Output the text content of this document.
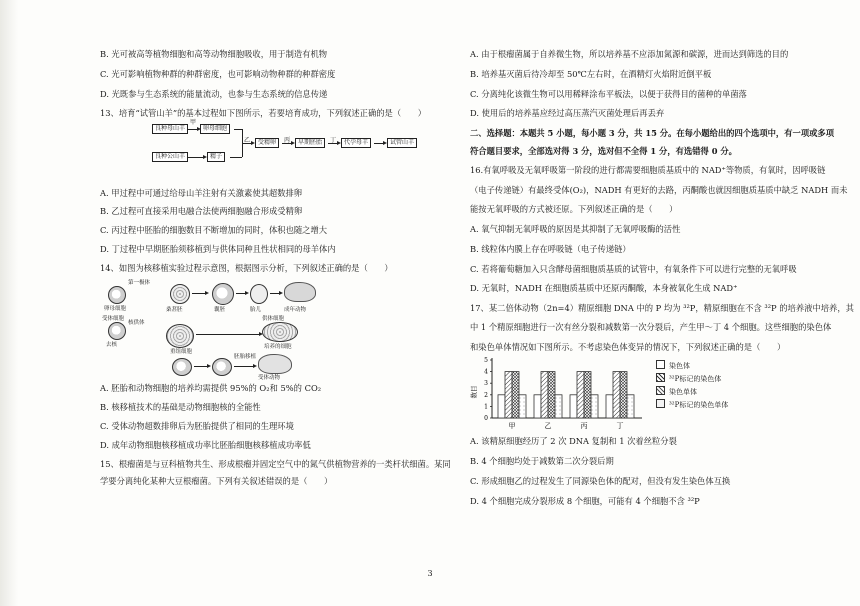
B. 光可被高等植物细胞和高等动物细胞吸收，用于制造有机物
C. 光可影响植物种群的种群密度，也可影响动物种群的种群密度
D. 光既参与生态系统的能量流动，也参与生态系统的信息传递
13、培育“试管山羊”的基本过程如下图所示，若要培育成功，下列叙述正确的是（　　）
良种母山羊	卵母细胞
甲
良种公山羊	精子
乙	受精卵	丙	早期胚胎	丁	代孕母羊	试管山羊
A. 甲过程中可通过给母山羊注射有关激素使其超数排卵
B. 乙过程可直接采用电融合法使两细胞融合形成受精卵
C. 丙过程中胚胎的细胞数目不断增加的同时，体积也随之增大
D. 丁过程中早期胚胎须移植到与供体同种且性状相同的母羊体内
14、如图为核移植实验过程示意图，根据图示分析，下列叙述正确的是（　　）
第一极体
卵母细胞
受体细胞
核供体
去核
桑葚胚	囊胚	胎儿	成年动物
重组细胞
培养的细胞
供体细胞
胚胎移植
受体动物
A. 胚胎和动物细胞的培养均需提供 95%的 O₂和 5%的 CO₂
B. 核移植技术的基础是动物细胞核的全能性
C. 受体动物超数排卵后为胚胎提供了相同的生理环境
D. 成年动物细胞核移植成功率比胚胎细胞核移植成功率低
15、根瘤菌是与豆科植物共生、形成根瘤并固定空气中的氮气供植物营养的一类杆状细菌。某同
学要分离纯化某种大豆根瘤菌。下列有关叙述错误的是（　　）
A. 由于根瘤菌属于自养微生物，所以培养基不应添加氮源和碳源，进而达到筛选的目的
B. 培养基灭菌后待冷却至 50℃左右时，在酒精灯火焰附近倒平板
C. 分离纯化该微生物可以用稀释涂布平板法，以便于获得目的菌种的单菌落
D. 使用后的培养基应经过高压蒸汽灭菌处理后再丢弃
二、选择题：本题共 5 小题，每小题 3 分，共 15 分。在每小题给出的四个选项中，有一项或多项
符合题目要求，全部选对得 3 分，选对但不全得 1 分，有选错得 0 分。
16.有氧呼吸及无氧呼吸第一阶段的进行都需要细胞质基质中的 NAD⁺等物质，有氧时，因呼吸链
（电子传递链）有最终受体(O₂)，NADH 有更好的去路，丙酮酸也就因细胞质基质中缺乏 NADH 而未
能按无氧呼吸的方式被还原。下列叙述正确的是（　　）
A. 氧气抑制无氧呼吸的原因是其抑制了无氧呼吸酶的活性
B. 线粒体内膜上存在呼吸链（电子传递链）
C. 若将葡萄糖加入只含酵母菌细胞质基质的试管中，有氧条件下可以进行完整的无氧呼吸
D. 无氧时，NADH 在细胞质基质中还原丙酮酸，本身被氧化生成 NAD⁺
17、某二倍体动物（2n=4）精原细胞 DNA 中的 P 均为 ³²P，精原细胞在不含 ³²P 的培养液中培养，其
中 1 个精原细胞进行一次有丝分裂和减数第一次分裂后，产生甲～丁 4 个细胞。这些细胞的染色体
和染色单体情况如下图所示。不考虑染色体变异的情况下，下列叙述正确的是（　　）
0
1
2
3
4
5
数目
甲	乙	丙	丁
染色体
³²P标记的染色体
染色单体
³²P标记的染色单体
A. 该精原细胞经历了 2 次 DNA 复制和 1 次着丝粒分裂
B. 4 个细胞均处于减数第二次分裂后期
C. 形成细胞乙的过程发生了同源染色体的配对，但没有发生染色体互换
D. 4 个细胞完成分裂形成 8 个细胞，可能有 4 个细胞不含 ³²P
3
